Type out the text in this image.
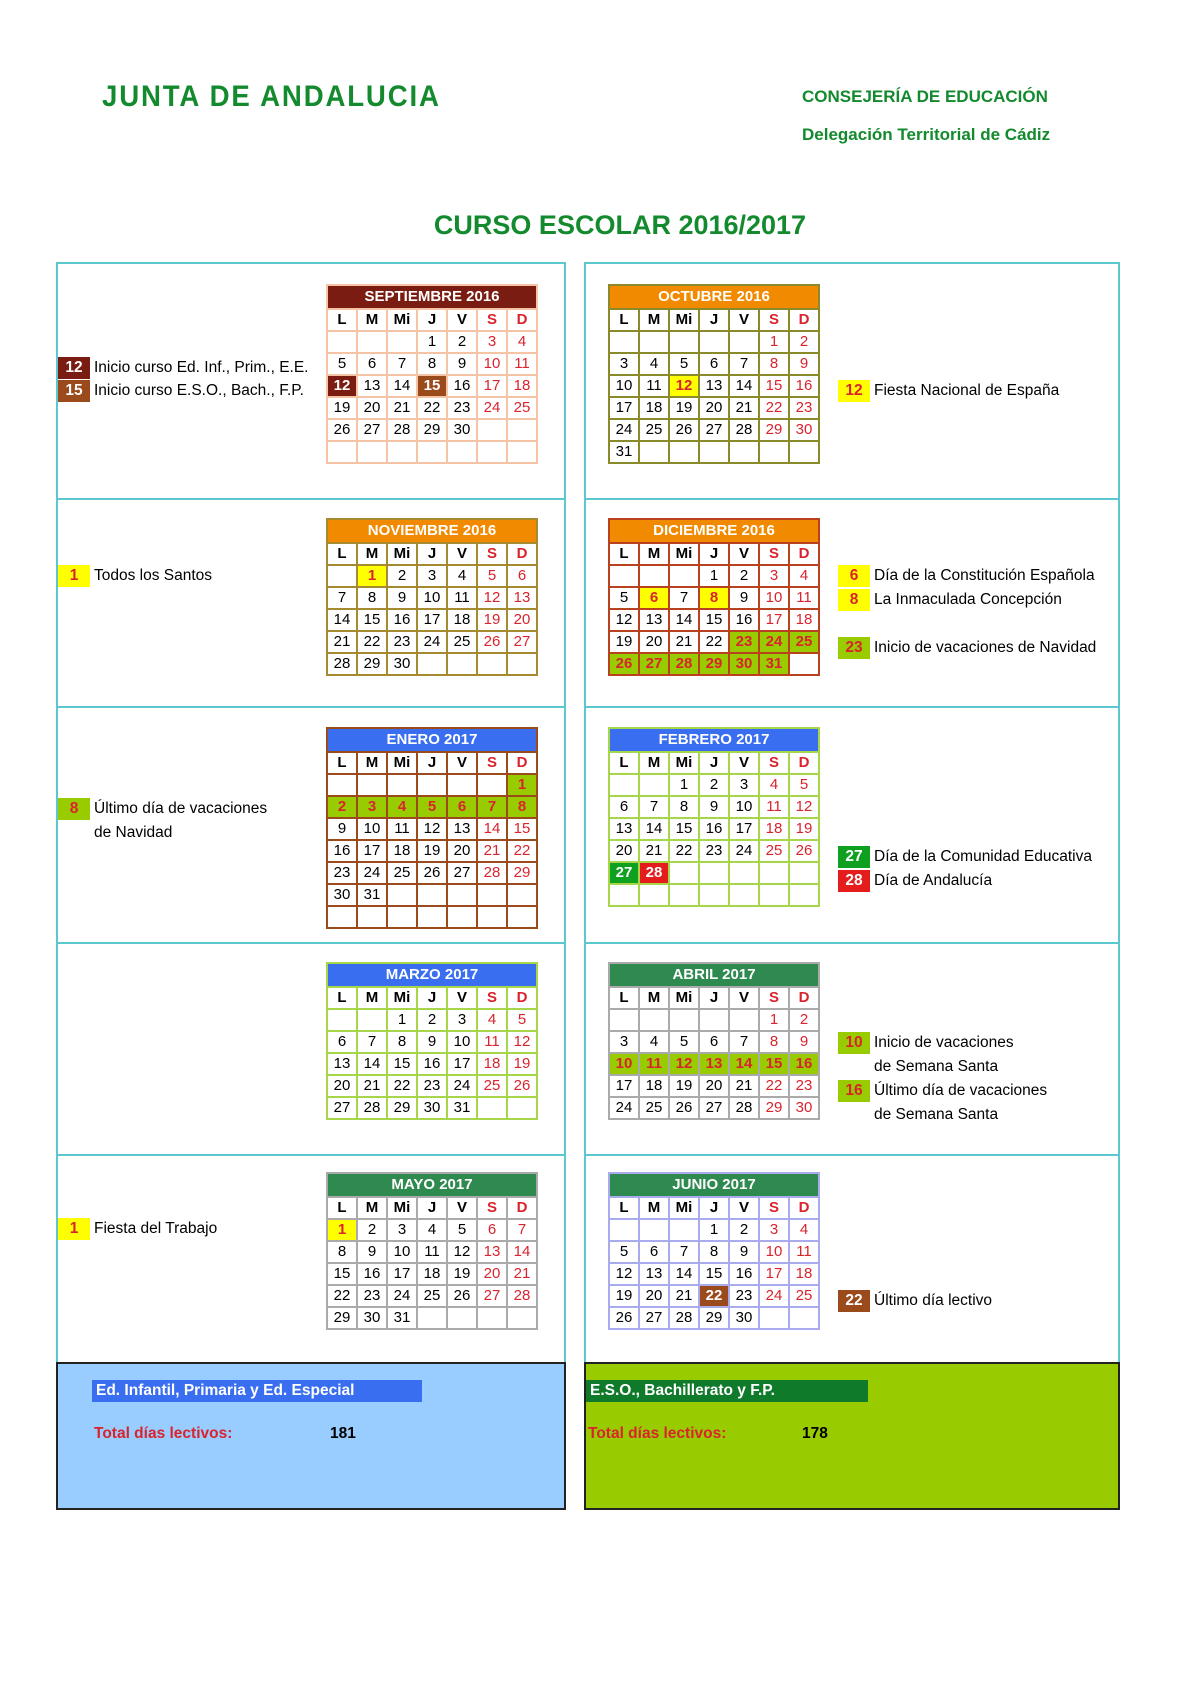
JUNTA DE ANDALUCIA	CONSEJERÍA DE EDUCACIÓN
Delegación Territorial de Cádiz
CURSO ESCOLAR 2016/2017
SEPTIEMBRE 2016						
L	M	Mi	J	V	S	D
			1	2	3	4
5	6	7	8	9	10	11
12	13	14	15	16	17	18
19	20	21	22	23	24	25
26	27	28	29	30		

OCTUBRE 2016						
L	M	Mi	J	V	S	D
					1	2
3	4	5	6	7	8	9
10	11	12	13	14	15	16
17	18	19	20	21	22	23
24	25	26	27	28	29	30
31						
NOVIEMBRE 2016						
L	M	Mi	J	V	S	D
	1	2	3	4	5	6
7	8	9	10	11	12	13
14	15	16	17	18	19	20
21	22	23	24	25	26	27
28	29	30				
DICIEMBRE 2016						
L	M	Mi	J	V	S	D
			1	2	3	4
5	6	7	8	9	10	11
12	13	14	15	16	17	18
19	20	21	22	23	24	25
26	27	28	29	30	31	
ENERO 2017						
L	M	Mi	J	V	S	D
						1
2	3	4	5	6	7	8
9	10	11	12	13	14	15
16	17	18	19	20	21	22
23	24	25	26	27	28	29
30	31					

FEBRERO 2017						
L	M	Mi	J	V	S	D
		1	2	3	4	5
6	7	8	9	10	11	12
13	14	15	16	17	18	19
20	21	22	23	24	25	26
27	28					

MARZO 2017						
L	M	Mi	J	V	S	D
		1	2	3	4	5
6	7	8	9	10	11	12
13	14	15	16	17	18	19
20	21	22	23	24	25	26
27	28	29	30	31		
ABRIL 2017						
L	M	Mi	J	V	S	D
					1	2
3	4	5	6	7	8	9
10	11	12	13	14	15	16
17	18	19	20	21	22	23
24	25	26	27	28	29	30
MAYO 2017						
L	M	Mi	J	V	S	D
1	2	3	4	5	6	7
8	9	10	11	12	13	14
15	16	17	18	19	20	21
22	23	24	25	26	27	28
29	30	31				
JUNIO 2017						
L	M	Mi	J	V	S	D
			1	2	3	4
5	6	7	8	9	10	11
12	13	14	15	16	17	18
19	20	21	22	23	24	25
26	27	28	29	30		
12 Inicio curso Ed. Inf., Prim., E.E.
15 Inicio curso E.S.O., Bach., F.P.	12 Fiesta Nacional de España
1	Todos los Santos	6	Día de la Constitución Española
8	La Inmaculada Concepción
23 Inicio de vacaciones de Navidad
8	Último día de vacaciones
de Navidad
27 Día de la Comunidad Educativa
28 Día de Andalucía
10 Inicio de vacaciones
de Semana Santa
16 Último día de vacaciones
de Semana Santa
1	Fiesta del Trabajo
22 Último día lectivo
Ed. Infantil, Primaria y Ed. Especial
Total días lectivos:	181
E.S.O., Bachillerato y F.P.
Total días lectivos:	178
